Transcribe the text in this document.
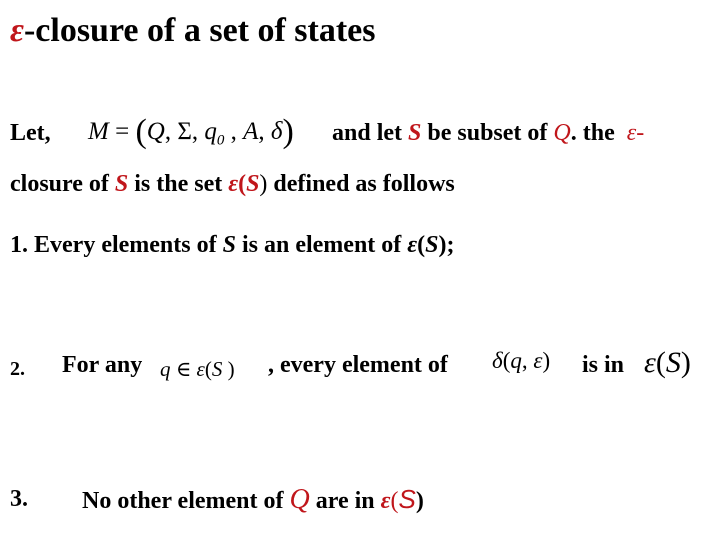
ε-closure of a set of states
Let, M = (Q, Σ, $q_0$ , A, δ) and let S be subset of Q. the ε-
closure of S is the set ε(S) defined as follows
1. Every elements of S is an element of ε(S);
2. For any q ∈ ε(S ) , every element of δ(q, ε) is in ε(S)
3. No other element of Q are in ε(S)
